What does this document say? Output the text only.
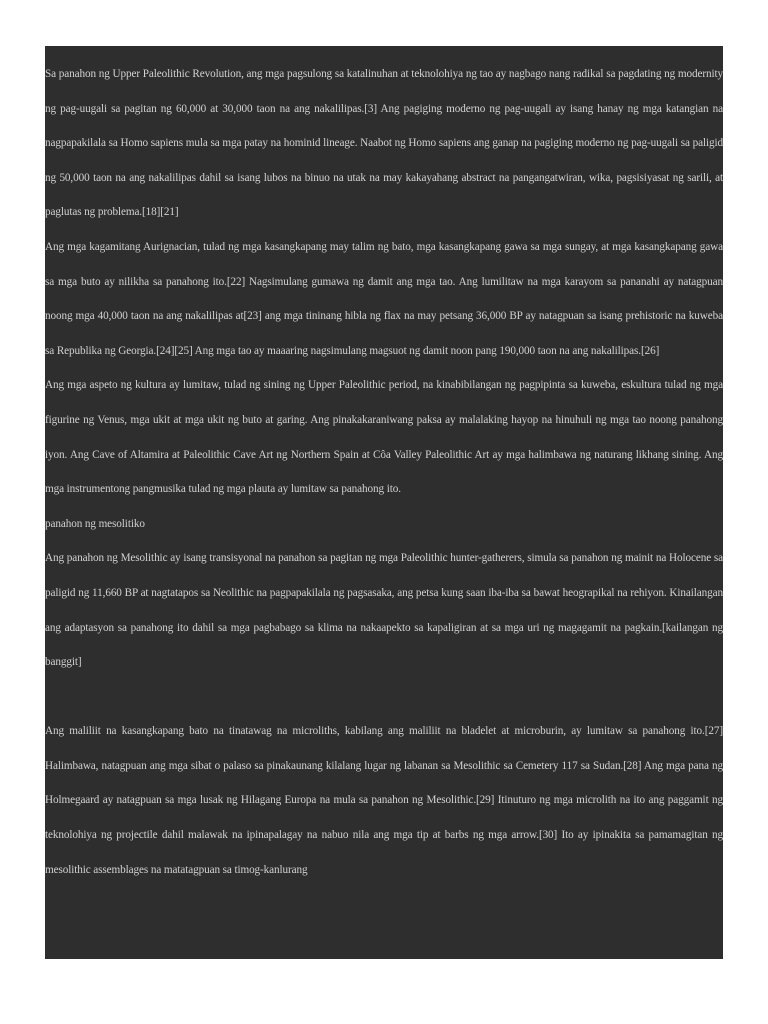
Sa panahon ng Upper Paleolithic Revolution, ang mga pagsulong sa katalinuhan at teknolohiya ng tao ay nagbago nang radikal sa pagdating ng modernity ng pag-uugali sa pagitan ng 60,000 at 30,000 taon na ang nakalilipas.[3] Ang pagiging moderno ng pag-uugali ay isang hanay ng mga katangian na nagpapakilala sa Homo sapiens mula sa mga patay na hominid lineage. Naabot ng Homo sapiens ang ganap na pagiging moderno ng pag-uugali sa paligid ng 50,000 taon na ang nakalilipas dahil sa isang lubos na binuo na utak na may kakayahang abstract na pangangatwiran, wika, pagsisiyasat ng sarili, at paglutas ng problema.[18][21]

Ang mga kagamitang Aurignacian, tulad ng mga kasangkapang may talim ng bato, mga kasangkapang gawa sa mga sungay, at mga kasangkapang gawa sa mga buto ay nilikha sa panahong ito.[22] Nagsimulang gumawa ng damit ang mga tao. Ang lumilitaw na mga karayom sa pananahi ay natagpuan noong mga 40,000 taon na ang nakalilipas at[23] ang mga tininang hibla ng flax na may petsang 36,000 BP ay natagpuan sa isang prehistoric na kuweba sa Republika ng Georgia.[24][25] Ang mga tao ay maaaring nagsimulang magsuot ng damit noon pang 190,000 taon na ang nakalilipas.[26]

Ang mga aspeto ng kultura ay lumitaw, tulad ng sining ng Upper Paleolithic period, na kinabibilangan ng pagpipinta sa kuweba, eskultura tulad ng mga figurine ng Venus, mga ukit at mga ukit ng buto at garing. Ang pinakakaraniwang paksa ay malalaking hayop na hinuhuli ng mga tao noong panahong iyon. Ang Cave of Altamira at Paleolithic Cave Art ng Northern Spain at Côa Valley Paleolithic Art ay mga halimbawa ng naturang likhang sining. Ang mga instrumentong pangmusika tulad ng mga plauta ay lumitaw sa panahong ito.

panahon ng mesolitiko

Ang panahon ng Mesolithic ay isang transisyonal na panahon sa pagitan ng mga Paleolithic hunter-gatherers, simula sa panahon ng mainit na Holocene sa paligid ng 11,660 BP at nagtatapos sa Neolithic na pagpapakilala ng pagsasaka, ang petsa kung saan iba-iba sa bawat heograpikal na rehiyon. Kinailangan ang adaptasyon sa panahong ito dahil sa mga pagbabago sa klima na nakaapekto sa kapaligiran at sa mga uri ng magagamit na pagkain.[kailangan ng banggit]

Ang maliliit na kasangkapang bato na tinatawag na microliths, kabilang ang maliliit na bladelet at microburin, ay lumitaw sa panahong ito.[27] Halimbawa, natagpuan ang mga sibat o palaso sa pinakaunang kilalang lugar ng labanan sa Mesolithic sa Cemetery 117 sa Sudan.[28] Ang mga pana ng Holmegaard ay natagpuan sa mga lusak ng Hilagang Europa na mula sa panahon ng Mesolithic.[29] Itinuturo ng mga microlith na ito ang paggamit ng teknolohiya ng projectile dahil malawak na ipinapalagay na nabuo nila ang mga tip at barbs ng mga arrow.[30] Ito ay ipinakita sa pamamagitan ng mesolithic assemblages na matatagpuan sa timog-kanlurang
